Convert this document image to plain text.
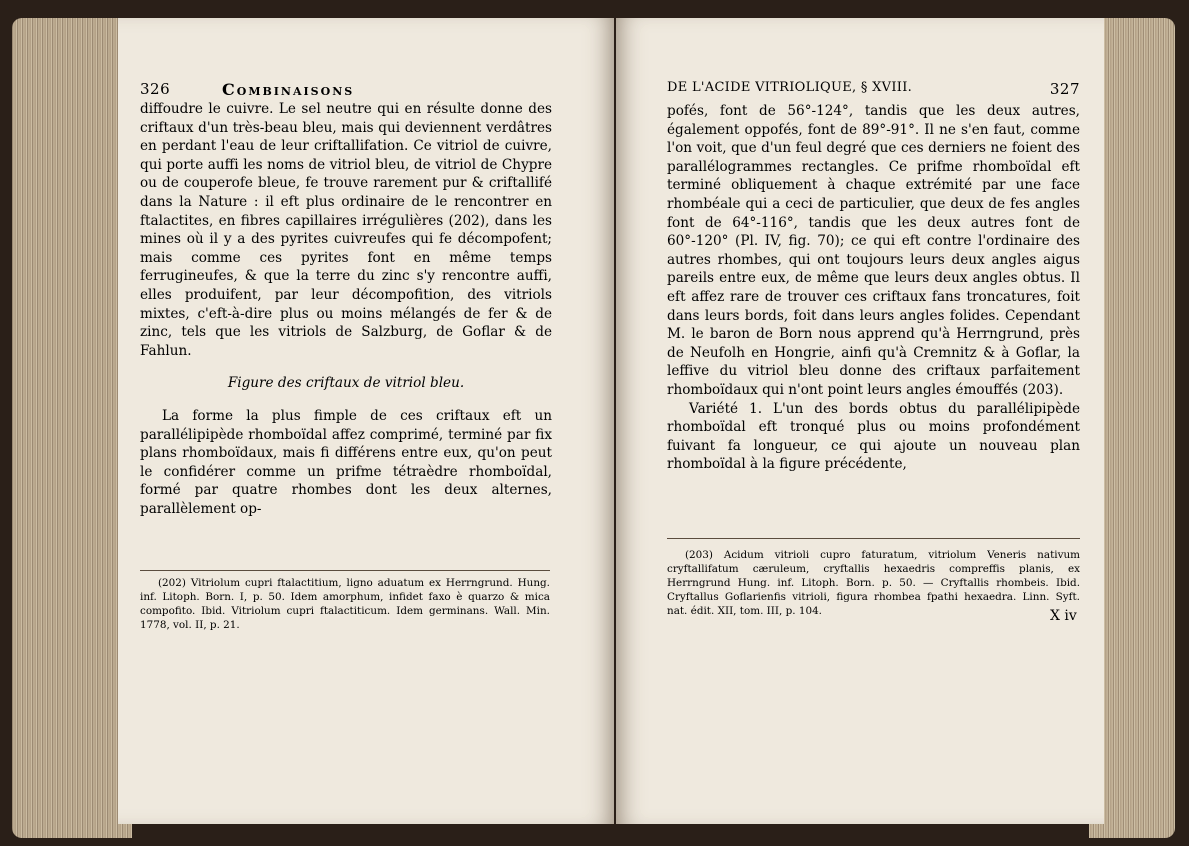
326	Combinaisons

diffoudre le cuivre. Le sel neutre qui en résulte donne des criftaux d'un très-beau bleu, mais qui deviennent verdâtres en perdant l'eau de leur criftallifation. Ce vitriol de cuivre, qui porte auffi les noms de vitriol bleu, de vitriol de Chypre ou de couperofe bleue, fe trouve rarement pur & criftallifé dans la Nature : il eft plus ordinaire de le rencontrer en ftalactites, en fibres capillaires irrégulières (202), dans les mines où il y a des pyrites cuivreufes qui fe décompofent; mais comme ces pyrites font en même temps ferrugineufes, & que la terre du zinc s'y rencontre auffi, elles produifent, par leur décompofition, des vitriols mixtes, c'eft-à-dire plus ou moins mélangés de fer & de zinc, tels que les vitriols de Salzburg, de Goflar & de Fahlun.

Figure des criftaux de vitriol bleu.

La forme la plus fimple de ces criftaux eft un parallélipipède rhomboïdal affez comprimé, terminé par fix plans rhomboïdaux, mais fi différens entre eux, qu'on peut le confidérer comme un prifme tétraèdre rhomboïdal, formé par quatre rhombes dont les deux alternes, parallèlement op-

(202) Vitriolum cupri ftalactitium, ligno aduatum ex Herrngrund. Hung. inf. Litoph. Born. I, p. 50. Idem amorphum, infidet faxo è quarzo & mica compofito. Ibid. Vitriolum cupri ftalactiticum. Idem germinans. Wall. Min. 1778, vol. II, p. 21.

DE L'ACIDE VITRIOLIQUE, § XVIII.	327

pofés, font de 56°-124°, tandis que les deux autres, également oppofés, font de 89°-91°. Il ne s'en faut, comme l'on voit, que d'un feul degré que ces derniers ne foient des parallélogrammes rectangles. Ce prifme rhomboïdal eft terminé obliquement à chaque extrémité par une face rhombéale qui a ceci de particulier, que deux de fes angles font de 64°-116°, tandis que les deux autres font de 60°-120° (Pl. IV, fig. 70); ce qui eft contre l'ordinaire des autres rhombes, qui ont toujours leurs deux angles aigus pareils entre eux, de même que leurs deux angles obtus. Il eft affez rare de trouver ces criftaux fans troncatures, foit dans leurs bords, foit dans leurs angles folides. Cependant M. le baron de Born nous apprend qu'à Herrngrund, près de Neufolh en Hongrie, ainfi qu'à Cremnitz & à Goflar, la leffive du vitriol bleu donne des criftaux parfaitement rhomboïdaux qui n'ont point leurs angles émouffés (203).

Variété 1. L'un des bords obtus du parallélipipède rhomboïdal eft tronqué plus ou moins profondément fuivant fa longueur, ce qui ajoute un nouveau plan rhomboïdal à la figure précédente,

(203) Acidum vitrioli cupro faturatum, vitriolum Veneris nativum cryftallifatum cæruleum, cryftallis hexaedris compreffis planis, ex Herrngrund Hung. inf. Litoph. Born. p. 50. — Cryftallis rhombeis. Ibid. Cryftallus Goflarienfis vitrioli, figura rhombea fpathi hexaedra. Linn. Syft. nat. édit. XII, tom. III, p. 104.	X iv
